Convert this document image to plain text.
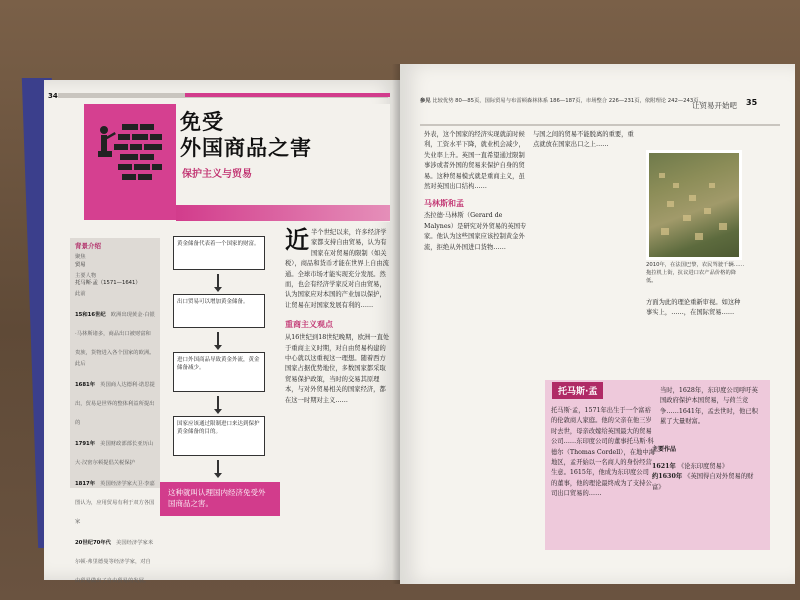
34
免受
外国商品之害
保护主义与贸易
背景介绍
聚焦
贸易
主要人物
托马斯·孟（1571—1641）
此前
15和16世纪 欧洲出现黄金·白银·马林斯诸多，商品出口被财富和贵族，货物进入各个国家的欧洲。
此后
1681年 英国商人达德利·诺思提出，贸易是世界的整体利益所提出的
1791年 美国财政部部长亚历山大·汉密尔顿提倡关税保护
1817年 英国经济学家大卫·李嘉图认为，应用贸易有利于双方各国家
20世纪70年代 美国经济学家米尔顿·弗里德曼等经济学家，对自由贸易做出了自由贸易的发展。
黄金储备代表着一个国家的财富。
出口贸易可以增加黄金储备。
进口外国商品导致黄金外流，黄金储备减少。
国家应该通过限制进口来达到保护黄金储备的目的。
这种就叫认理国内经济免受外国商品之害。
近半个世纪以来，许多经济学家都支持自由贸易，认为有国家在对贸易的限制（如关税），商品和货币才能在世界上自由流通。全球市场才能实现充分发展。然而，也会有经济学家反对自由贸易，认为国家应对本国的产业加以保护，让贸易在对国家发展有利的……
重商主义观点
从16世纪到18世纪晚期，欧洲一直处于重商主义时期，对自由贸易构建的中心就以这重视这一理想。随着西方国家占据优势地位，多数国家都采取贸易保护政策，当时的交易其原理本，与对外贸易相关的国家经济，都在这一时期对主义……
参见 比较优势 80—85页，国际贸易与布雷顿森林体系 186—187页，市场整合 226—231页，依附理论 242—243页。
让贸易开始吧 35
外表，这个国家的经济实现就前时候利，工资水平下降，就业机会减少，失业率上升。英国一直希望通过限制事涉或者外国的贸易来保护自身的贸易。这种贸易模式就是重商主义，虽然对英国出口结构……
马林斯和孟
杰拉德·马林斯（Gerard de Malynes）是研究对外贸易的英国专家。他认为这些国家应该控制黄金外流，拒绝从外国进口货物……
与国之间的贸易不能脱离的重要，重点就放在国家出口之上……
2010年，在法国巴黎，农民驾驶千辆……拖拉机上街，抗议进口农产品价格的降低。
方面为此的理论重新审视。如这种事实上，……，在国际贸易……
托马斯·孟，1571年出生于一个富裕的伦敦商人家庭。他的父亲在他三岁时去世，母亲改嫁给英国最大的贸易公司……东印度公司的董事托马斯·科德尔（Thomas Cordell），在地中海地区，孟开始以一名商人的身份经营生意。1615年，他成为东印度公司的董事，他的理论最终成为了支持公司出口贸易的……
当时，1628年，东印度公司呼吁英国政府保护本国贸易，与荷兰竞争……1641年，孟去世时，他已积累了大量财富。
1621年 《论东印度贸易》
约1630年 《英国得自对外贸易的财富》
托马斯·孟
主要作品
